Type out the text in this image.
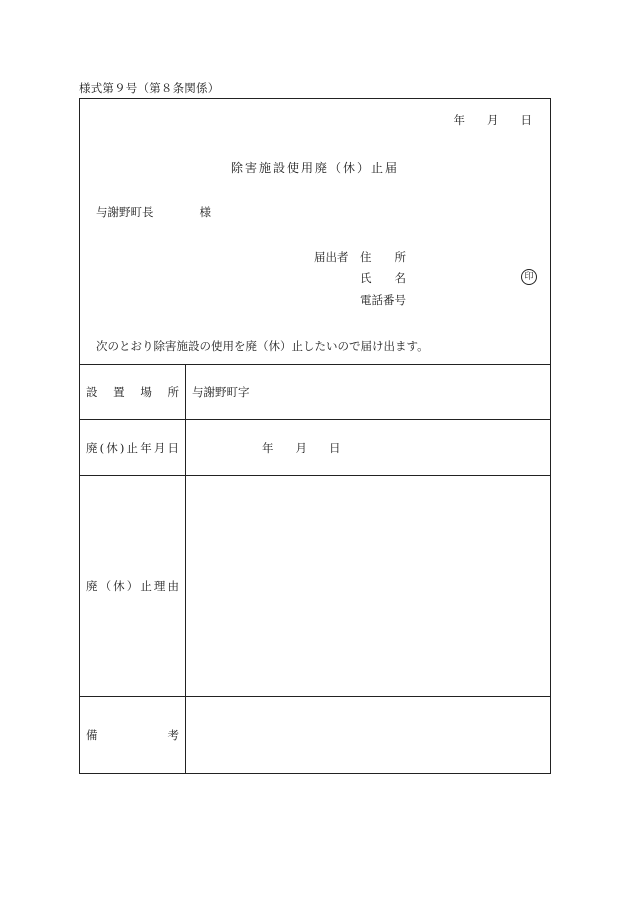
様式第９号（第８条関係）
年 月 日
除害施設使用廃（休）止届
与謝野町長	様
届出者 住　所
氏　名	印
電話番号
次のとおり除害施設の使用を廃（休）止したいので届け出ます。
設置場所 与謝野町字
廃(休)止年月日	年 月 日
廃（休）止理由
備考
